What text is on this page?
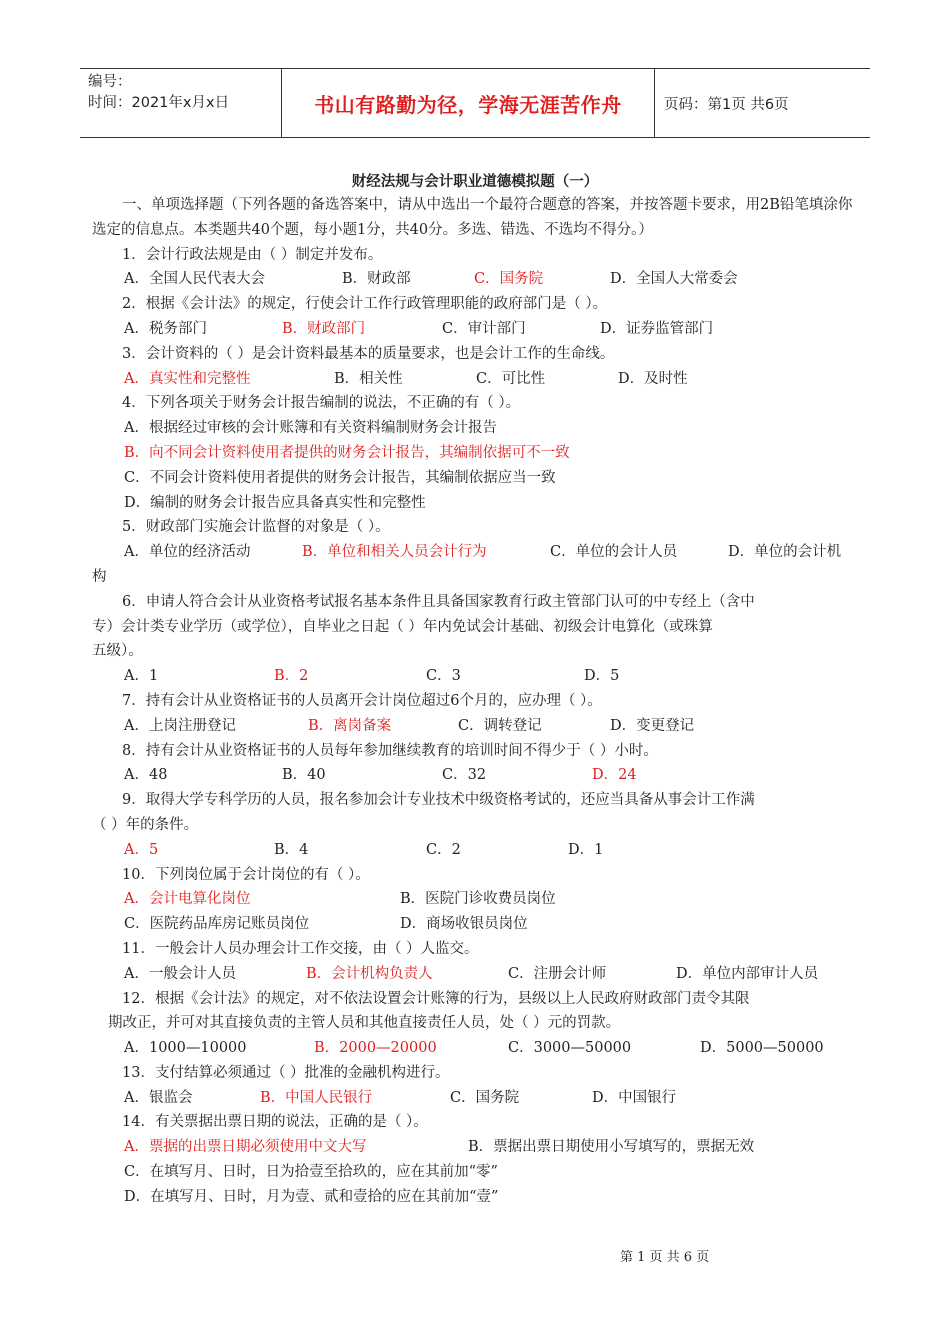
编号：
时间：2021年x月x日	书山有路勤为径，学海无涯苦作舟	页码：第1页 共6页
财经法规与会计职业道德模拟题（一）
一、单项选择题（下列各题的备选答案中，请从中选出一个最符合题意的答案，并按答题卡要求，用2B铅笔填涂你选定的信息点。本类题共40个题，每小题1分，共40分。多选、错选、不选均不得分。）
1．会计行政法规是由（ ）制定并发布。
A．全国人民代表大会	B．财政部	C．国务院	D．全国人大常委会
2．根据《会计法》的规定，行使会计工作行政管理职能的政府部门是（ ）。
A．税务部门	B．财政部门	C．审计部门	D．证券监管部门
3．会计资料的（ ）是会计资料最基本的质量要求，也是会计工作的生命线。
A．真实性和完整性	B．相关性	C．可比性	D．及时性
4．下列各项关于财务会计报告编制的说法，不正确的有（ ）。
A．根据经过审核的会计账簿和有关资料编制财务会计报告
B．向不同会计资料使用者提供的财务会计报告，其编制依据可不一致
C．不同会计资料使用者提供的财务会计报告，其编制依据应当一致
D．编制的财务会计报告应具备真实性和完整性
5．财政部门实施会计监督的对象是（ ）。
A．单位的经济活动	B．单位和相关人员会计行为	C．单位的会计人员	D．单位的会计机
构
6．申请人符合会计从业资格考试报名基本条件且具备国家教育行政主管部门认可的中专经上（含中
专）会计类专业学历（或学位），自毕业之日起（ ）年内免试会计基础、初级会计电算化（或珠算
五级）。
A．1	B．2	C．3	D．5
7．持有会计从业资格证书的人员离开会计岗位超过6个月的，应办理（ ）。
A．上岗注册登记	B．离岗备案	C．调转登记	D．变更登记
8．持有会计从业资格证书的人员每年参加继续教育的培训时间不得少于（ ）小时。
A．48	B．40	C．32	D．24
9．取得大学专科学历的人员，报名参加会计专业技术中级资格考试的，还应当具备从事会计工作满
（ ）年的条件。
A．5	B．4	C．2	D．1
10．下列岗位属于会计岗位的有（ ）。
A．会计电算化岗位	B．医院门诊收费员岗位
C．医院药品库房记账员岗位	D．商场收银员岗位
11．一般会计人员办理会计工作交接，由（ ）人监交。
A．一般会计人员	B．会计机构负责人	C．注册会计师	D．单位内部审计人员
12．根据《会计法》的规定，对不依法设置会计账簿的行为，县级以上人民政府财政部门责令其限
期改正，并可对其直接负责的主管人员和其他直接责任人员，处（ ）元的罚款。
A．1000—10000	B．2000—20000	C．3000—50000	D．5000—50000
13．支付结算必须通过（ ）批准的金融机构进行。
A．银监会	B．中国人民银行	C．国务院	D．中国银行
14．有关票据出票日期的说法，正确的是（ ）。
A．票据的出票日期必须使用中文大写	B．票据出票日期使用小写填写的，票据无效
C．在填写月、日时，日为拾壹至拾玖的，应在其前加“零”
D．在填写月、日时，月为壹、贰和壹拾的应在其前加“壹”
第 1 页 共 6 页
